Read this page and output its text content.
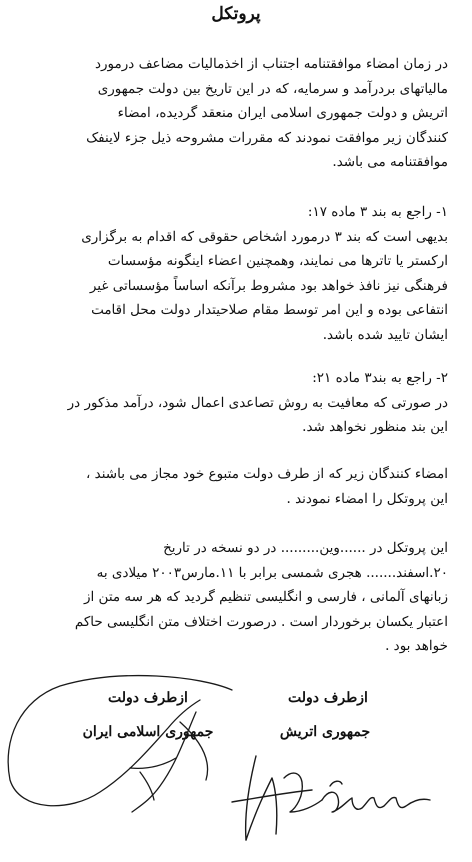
پروتکل
در زمان امضاء موافقتنامه اجتناب از اخذمالیات مضاعف درمورد
مالیاتهای بردرآمد و سرمایه، که در این تاریخ بین دولت جمهوری
اتریش و دولت جمهوری اسلامی ایران منعقد گردیده، امضاء
کنندگان زیر موافقت نمودند که مقررات مشروحه ذیل جزء لاینفک
موافقتنامه می باشد.
۱- راجع به بند ۳ ماده ۱۷:
بدیهی است که بند ۳ درمورد اشخاص حقوقی که اقدام به برگزاری
ارکستر یا تاترها می نمایند، وهمچنین اعضاء اینگونه مؤسسات
فرهنگی نیز نافذ خواهد بود مشروط برآنکه اساساً مؤسساتی غیر
انتفاعی بوده و این امر توسط مقام صلاحیتدار دولت محل اقامت
ایشان تایید شده باشد.
۲- راجع به بند۳ ماده ۲۱:
در صورتی که معافیت به روش تصاعدی اعمال شود، درآمد مذکور در
این بند منظور نخواهد شد.
امضاء کنندگان زیر که از طرف دولت متبوع خود مجاز می باشند ،
این پروتکل را امضاء نمودند .
این پروتکل در ......وین......... در دو نسخه در تاریخ
۲۰.اسفند....... هجری شمسی برابر با ۱۱.مارس۲۰۰۳ میلادی به
زبانهای آلمانی ، فارسی و انگلیسی تنظیم گردید که هر سه متن از
اعتبار یکسان برخوردار است . درصورت اختلاف متن انگلیسی حاکم
خواهد بود .
ازطرف دولت
جمهوری اتریش
ازطرف دولت
جمهوری اسلامی ایران
